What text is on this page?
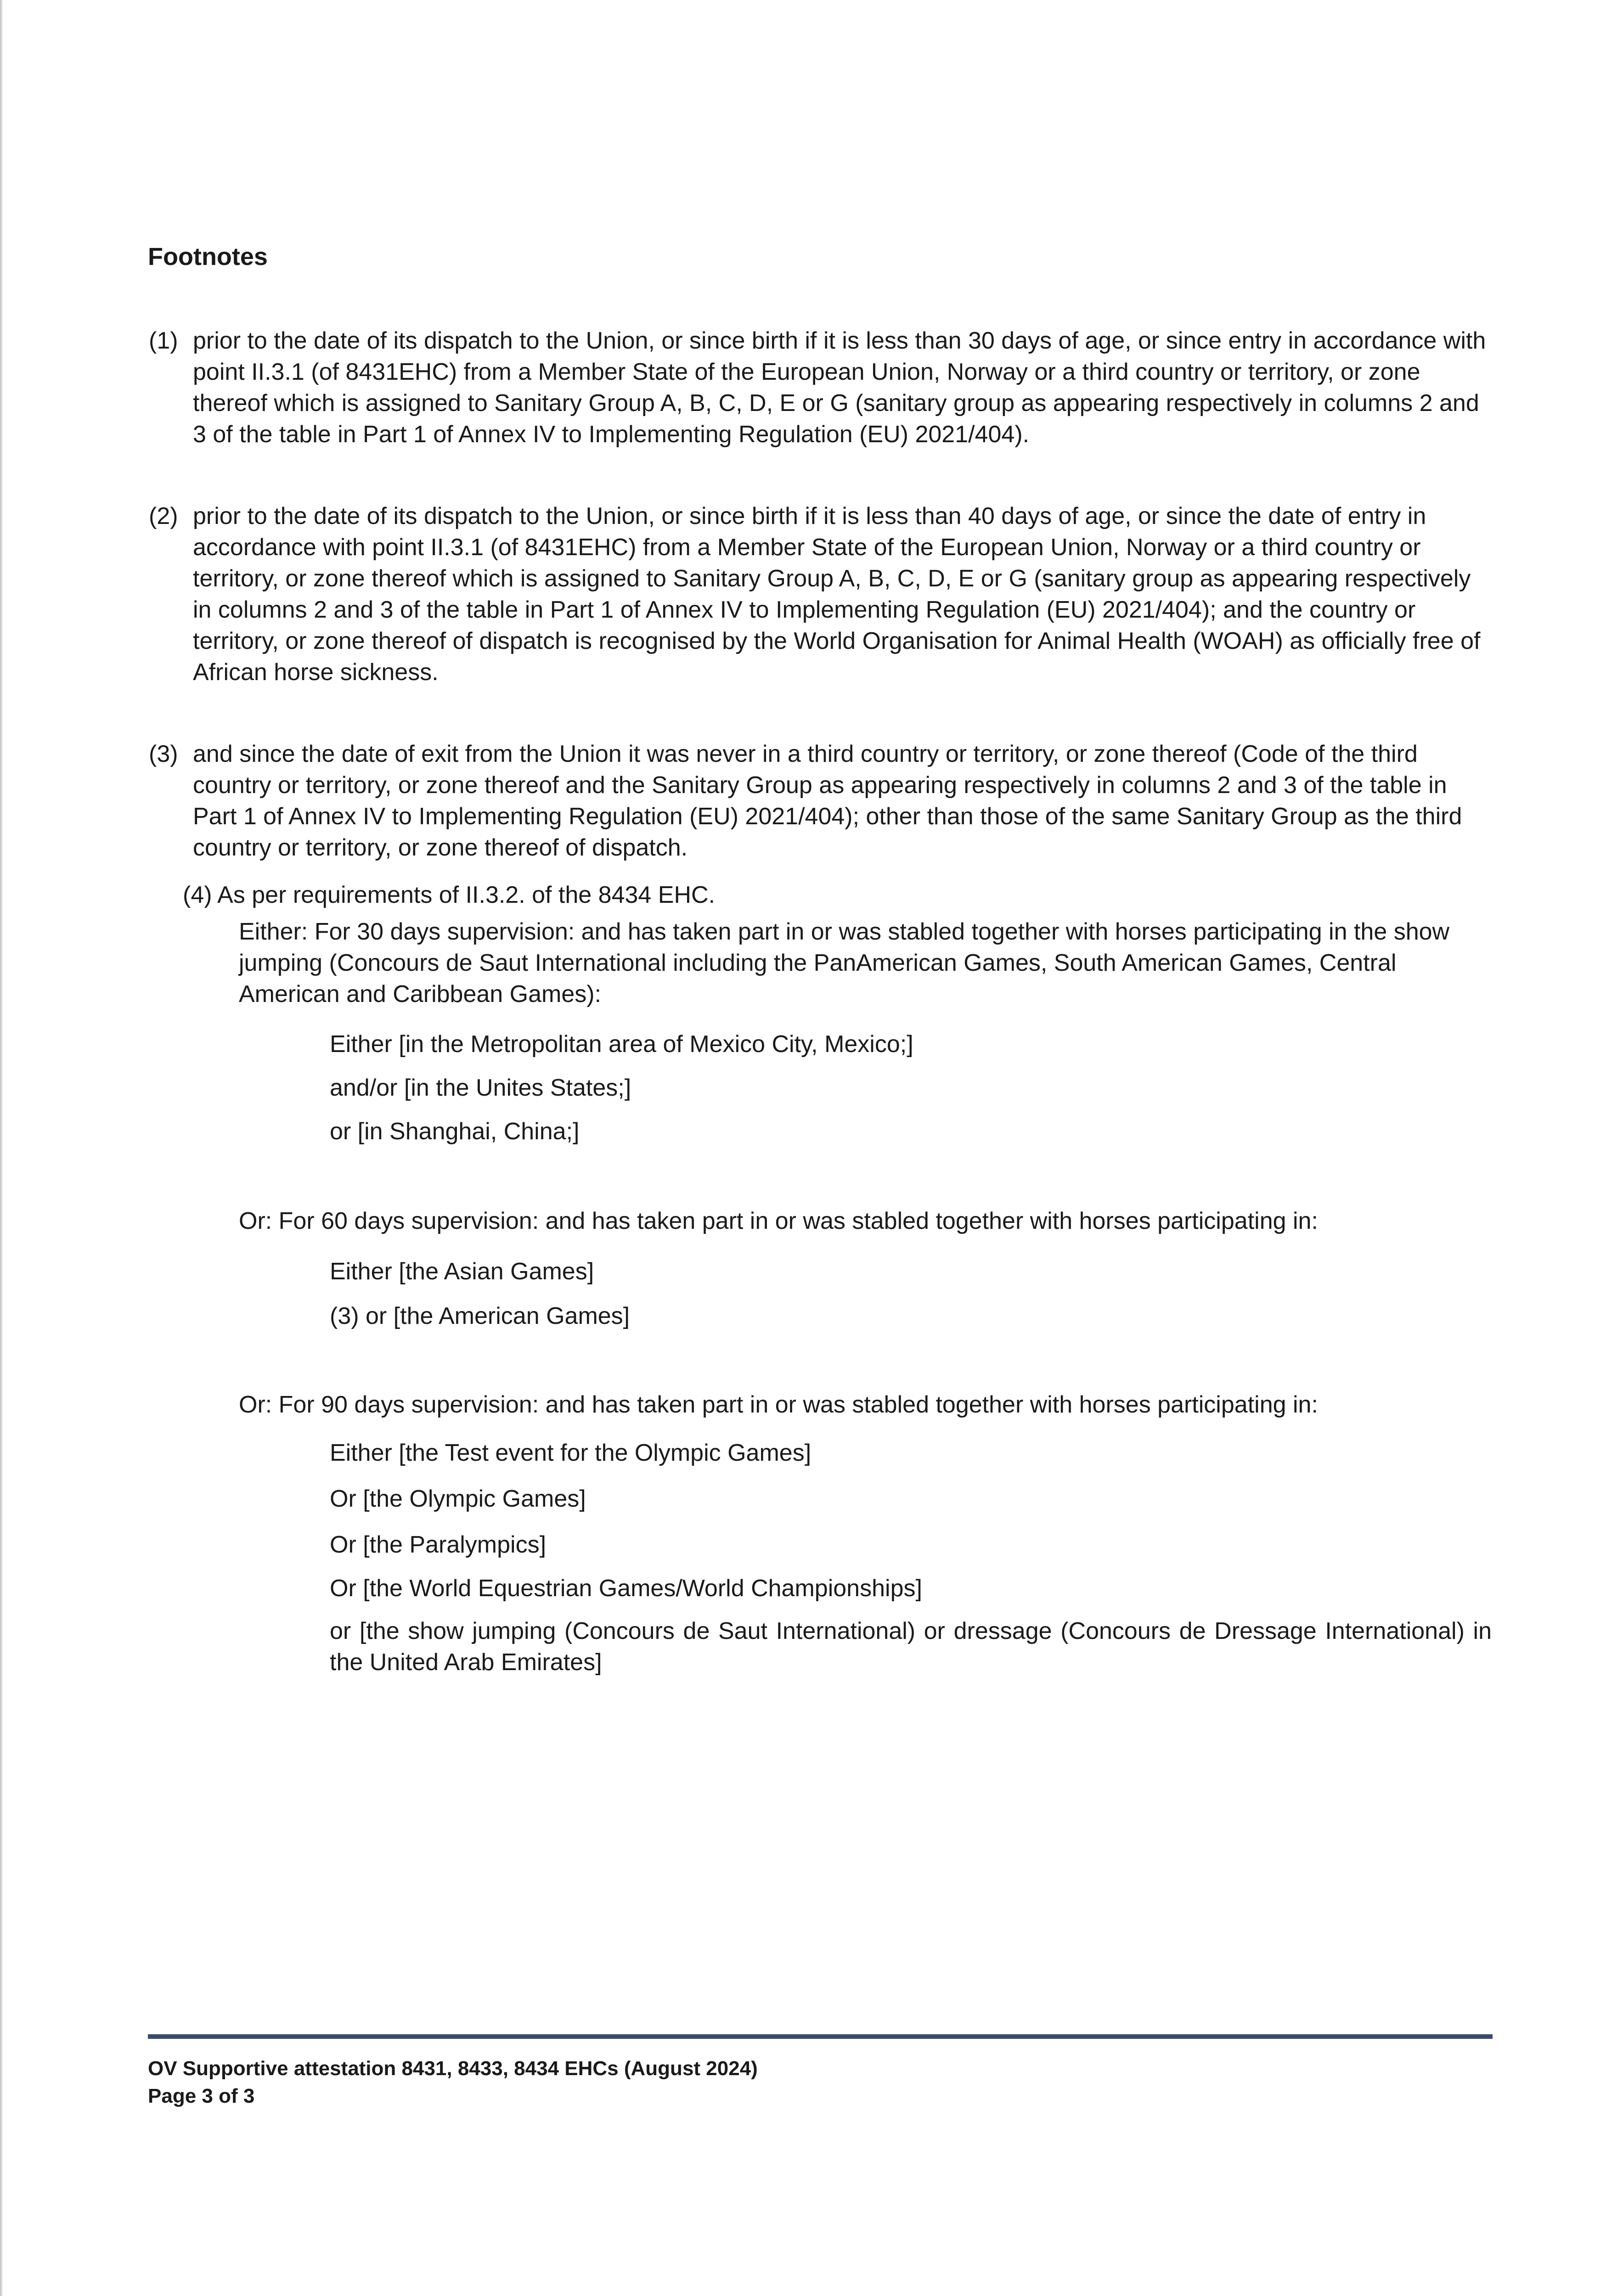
Footnotes
(1) prior to the date of its dispatch to the Union, or since birth if it is less than 30 days of age, or since entry in accordance with point II.3.1 (of 8431EHC) from a Member State of the European Union, Norway or a third country or territory, or zone thereof which is assigned to Sanitary Group A, B, C, D, E or G (sanitary group as appearing respectively in columns 2 and 3 of the table in Part 1 of Annex IV to Implementing Regulation (EU) 2021/404).

(2) prior to the date of its dispatch to the Union, or since birth if it is less than 40 days of age, or since the date of entry in accordance with point II.3.1 (of 8431EHC) from a Member State of the European Union, Norway or a third country or territory, or zone thereof which is assigned to Sanitary Group A, B, C, D, E or G (sanitary group as appearing respectively in columns 2 and 3 of the table in Part 1 of Annex IV to Implementing Regulation (EU) 2021/404); and the country or territory, or zone thereof of dispatch is recognised by the World Organisation for Animal Health (WOAH) as officially free of African horse sickness.

(3) and since the date of exit from the Union it was never in a third country or territory, or zone thereof (Code of the third country or territory, or zone thereof and the Sanitary Group as appearing respectively in columns 2 and 3 of the table in Part 1 of Annex IV to Implementing Regulation (EU) 2021/404); other than those of the same Sanitary Group as the third country or territory, or zone thereof of dispatch.

(4) As per requirements of II.3.2. of the 8434 EHC.
Either: For 30 days supervision: and has taken part in or was stabled together with horses participating in the show jumping (Concours de Saut International including the PanAmerican Games, South American Games, Central American and Caribbean Games):
Either [in the Metropolitan area of Mexico City, Mexico;]
and/or [in the Unites States;]
or [in Shanghai, China;]
Or: For 60 days supervision: and has taken part in or was stabled together with horses participating in:
Either [the Asian Games]
(3) or [the American Games]
Or: For 90 days supervision: and has taken part in or was stabled together with horses participating in:
Either [the Test event for the Olympic Games]
Or [the Olympic Games]
Or [the Paralympics]
Or [the World Equestrian Games/World Championships]
or [the show jumping (Concours de Saut International) or dressage (Concours de Dressage International) in the United Arab Emirates]
OV Supportive attestation 8431, 8433, 8434 EHCs (August 2024)
Page 3 of 3
